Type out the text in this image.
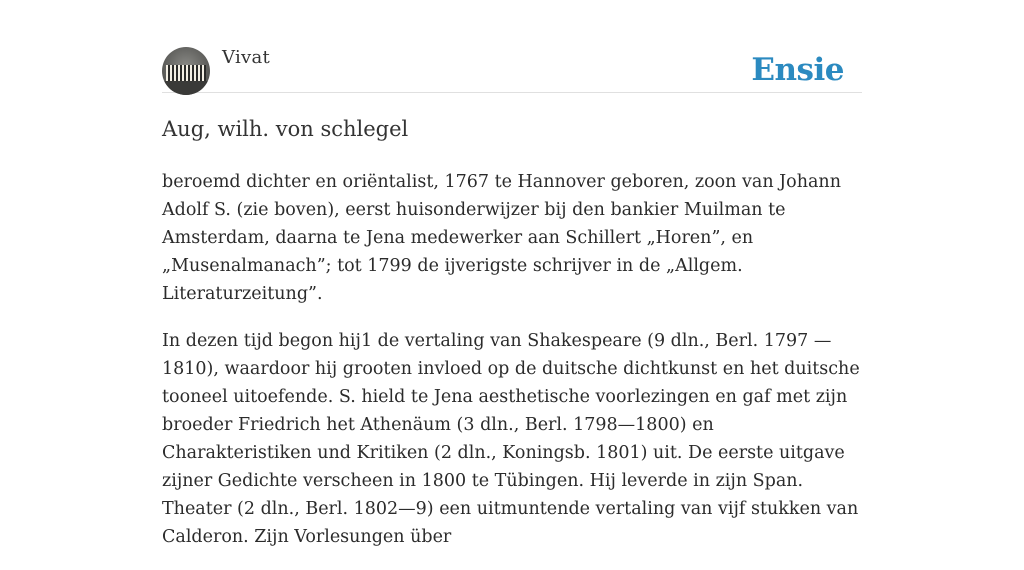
Vivat	Ensie
Aug, wilh. von schlegel

beroemd dichter en oriëntalist, 1767 te Hannover geboren, zoon van Johann Adolf S. (zie boven), eerst huisonderwijzer bij den bankier Muilman te Amsterdam, daarna te Jena medewerker aan Schillert „Horen”, en „Musenalmanach”; tot 1799 de ijverigste schrijver in de „Allgem. Literaturzeitung”.

In dezen tijd begon hij1 de vertaling van Shakespeare (9 dln., Berl. 1797 —1810), waardoor hij grooten invloed op de duitsche dichtkunst en het duitsche tooneel uitoefende. S. hield te Jena aesthetische voorlezingen en gaf met zijn broeder Friedrich het Athenäum (3 dln., Berl. 1798—1800) en Charakteristiken und Kritiken (2 dln., Koningsb. 1801) uit. De eerste uitgave zijner Gedichte verscheen in 1800 te Tübingen. Hij leverde in zijn Span. Theater (2 dln., Berl. 1802—9) een uitmuntende vertaling van vijf stukken van Calderon. Zijn Vorlesungen über
